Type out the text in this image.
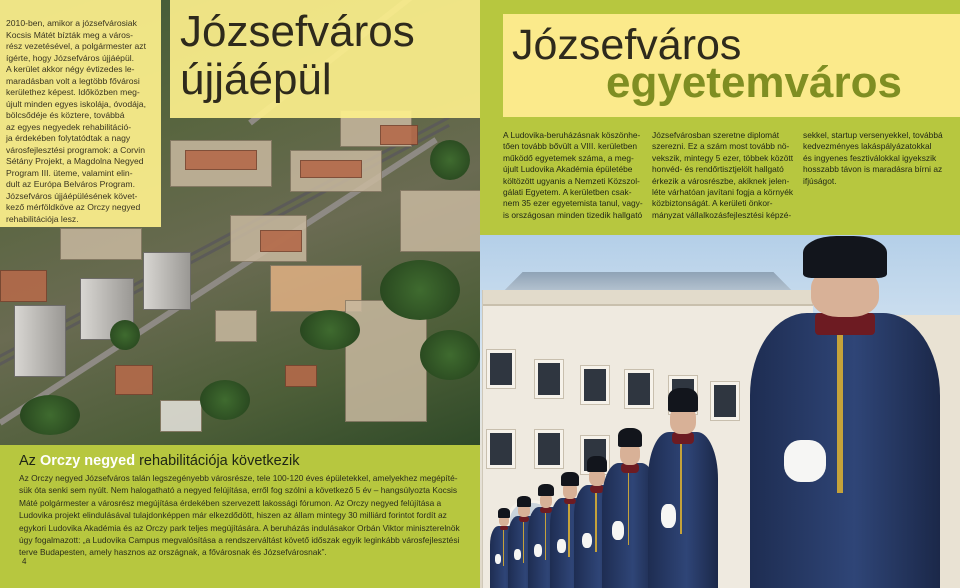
2010-ben, amikor a józsefvárosiak
Kocsis Mátét bízták meg a város-
rész vezetésével, a polgármester azt
ígérte, hogy Józsefváros újjáépül.
A kerület akkor négy évtizedes le-
maradásban volt a legtöbb fővárosi
kerülethez képest. Időközben meg-
újult minden egyes iskolája, óvodája,
bölcsődéje és köztere, továbbá
az egyes negyedek rehabilitáció-
ja érdekében folytatódtak a nagy
városfejlesztési programok: a Corvin
Sétány Projekt, a Magdolna Negyed
Program III. üteme, valamint elin-
dult az Európa Belváros Program.
Józsefváros újjáépülésének követ-
kező mérföldköve az Orczy negyed
rehabilitációja lesz.
Józsefváros
újjáépül
Az Orczy negyed rehabilitációja következik
Az Orczy negyed Józsefváros talán legszegényebb városrésze, tele 100-120 éves épületekkel, amelyekhez megépíté-
sük óta senki sem nyúlt. Nem halogatható a negyed felújítása, erről fog szólni a következő 5 év – hangsúlyozta Kocsis
Máté polgármester a városrész megújítása érdekében szervezett lakossági fórumon. Az Orczy negyed felújítása a
Ludovika projekt elindulásával tulajdonképpen már elkezdődött, hiszen az állam mintegy 30 milliárd forintot fordít az
egykori Ludovika Akadémia és az Orczy park teljes megújítására. A beruházás indulásakor Orbán Viktor miniszterelnök
úgy fogalmazott: „a Ludovika Campus megvalósítása a rendszerváltást követő időszak egyik leginkább városfejlesztési
terve Budapesten, amely hasznos az országnak, a fővárosnak és Józsefvárosnak”.
4
Józsefváros
egyetemváros
A Ludovika-beruházásnak köszönhe-
tően tovább bővült a VIII. kerületben
működő egyetemek száma, a meg-
újult Ludovika Akadémia épületébe
költözött ugyanis a Nemzeti Közszol-
gálati Egyetem. A kerületben csak-
nem 35 ezer egyetemista tanul, vagy-
is országosan minden tizedik hallgató
Józsefvárosban szeretne diplomát
szerezni. Ez a szám most tovább nö-
vekszik, mintegy 5 ezer, többek között
honvéd- és rendőrtisztjelölt hallgató
érkezik a városrészbe, akiknek jelen-
léte várhatóan javítani fogja a környék
közbiztonságát. A kerületi önkor-
mányzat vállalkozásfejlesztési képzé-
sekkel, startup versenyekkel, továbbá
kedvezményes lakáspályázatokkal
és ingyenes fesztiválokkal igyekszik
hosszabb távon is maradásra bírni az
ifjúságot.
